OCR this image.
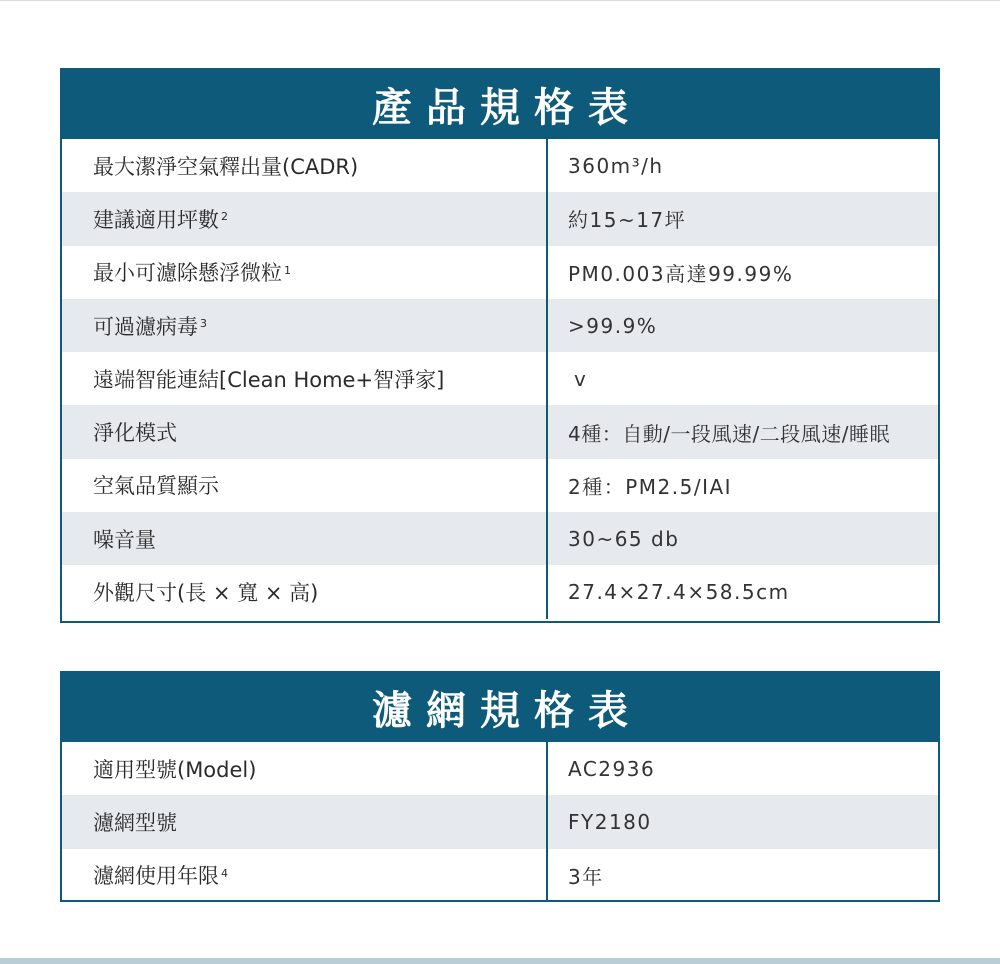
產品規格表
最大潔淨空氣釋出量(CADR)	360m³/h
建議適用坪數$^2$	約15~17坪
最小可濾除懸浮微粒$^1$	PM0.003高達99.99%
可過濾病毒$^3$	>99.9%
遠端智能連結[Clean Home+智淨家]	v
淨化模式	4種：自動/一段風速/二段風速/睡眠
空氣品質顯示	2種：PM2.5/IAI
噪音量	30~65 db
外觀尺寸(長 × 寬 × 高)	27.4×27.4×58.5cm
濾網規格表
適用型號(Model)	AC2936
濾網型號	FY2180
濾網使用年限$^4$	3年
